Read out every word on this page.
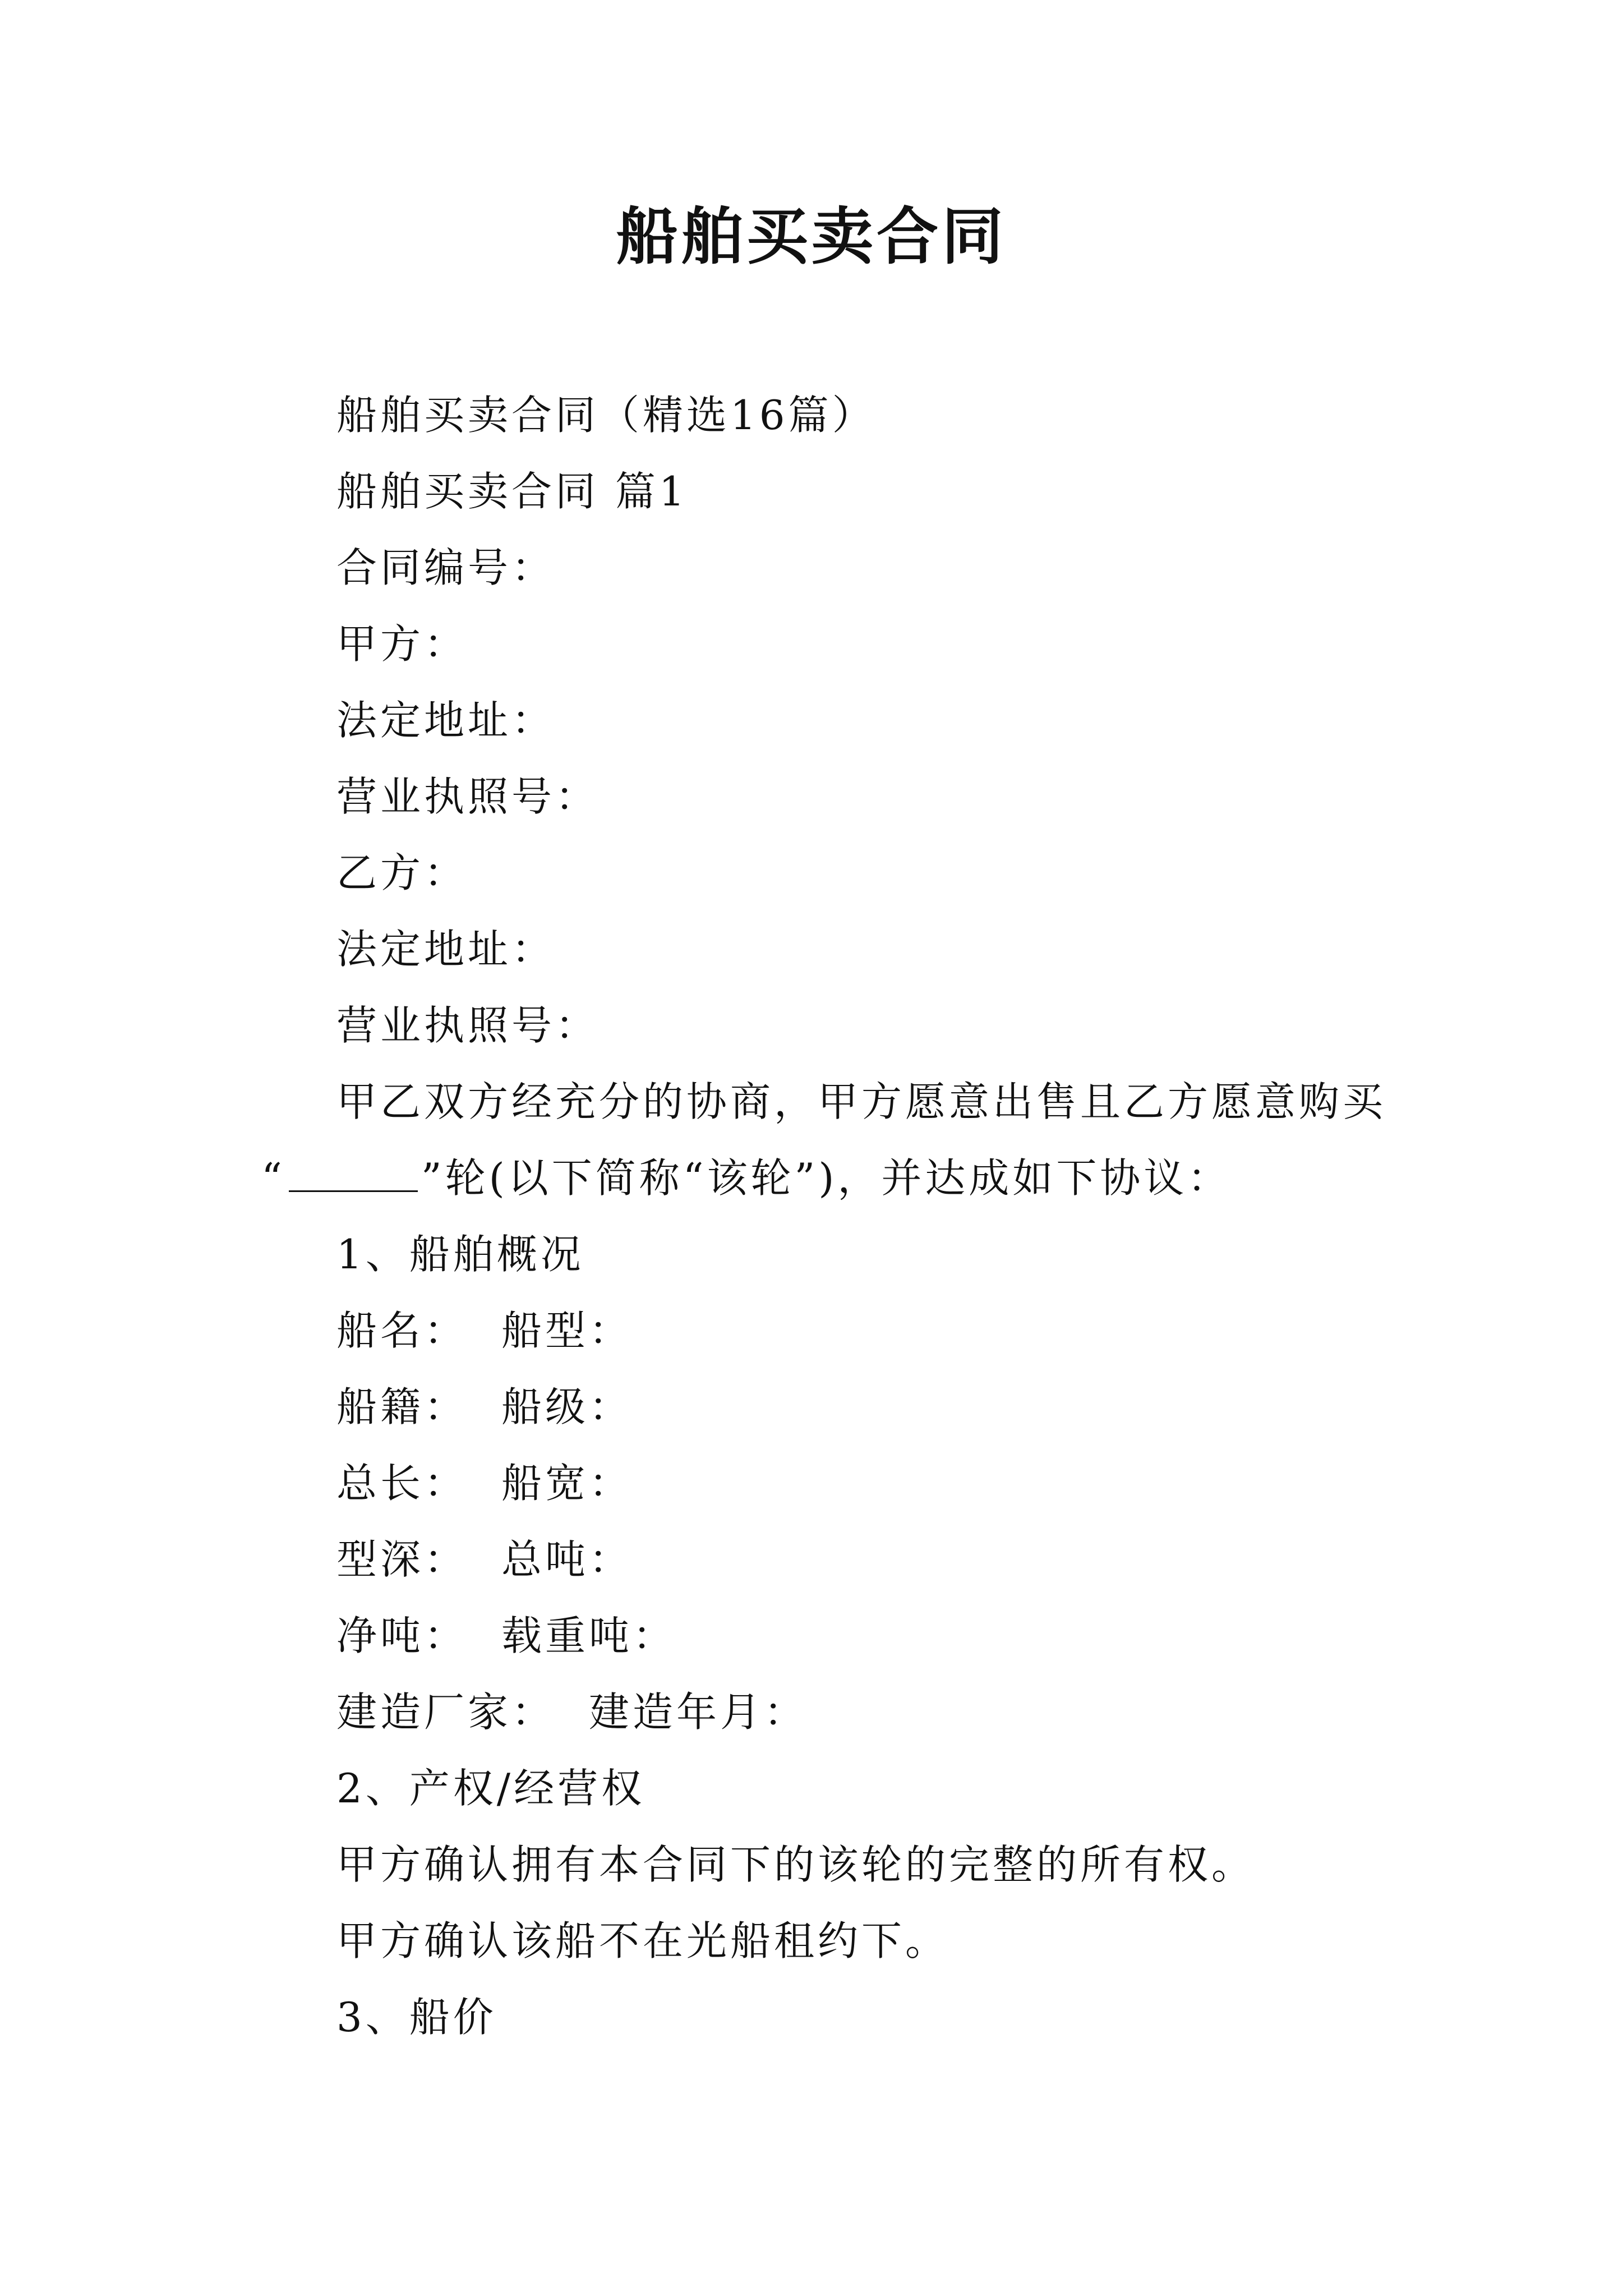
船舶买卖合同
船舶买卖合同（精选16篇）
船舶买卖合同 篇1
合同编号：
甲方：
法定地址：
营业执照号：
乙方：
法定地址：
营业执照号：
甲乙双方经充分的协商，甲方愿意出售且乙方愿意购买
“	”轮(以下简称“该轮”)，并达成如下协议：
1、船舶概况
船名： 船型：
船籍： 船级：
总长： 船宽：
型深： 总吨：
净吨： 载重吨：
建造厂家： 建造年月：
2、产权/经营权
甲方确认拥有本合同下的该轮的完整的所有权。
甲方确认该船不在光船租约下。
3、船价
